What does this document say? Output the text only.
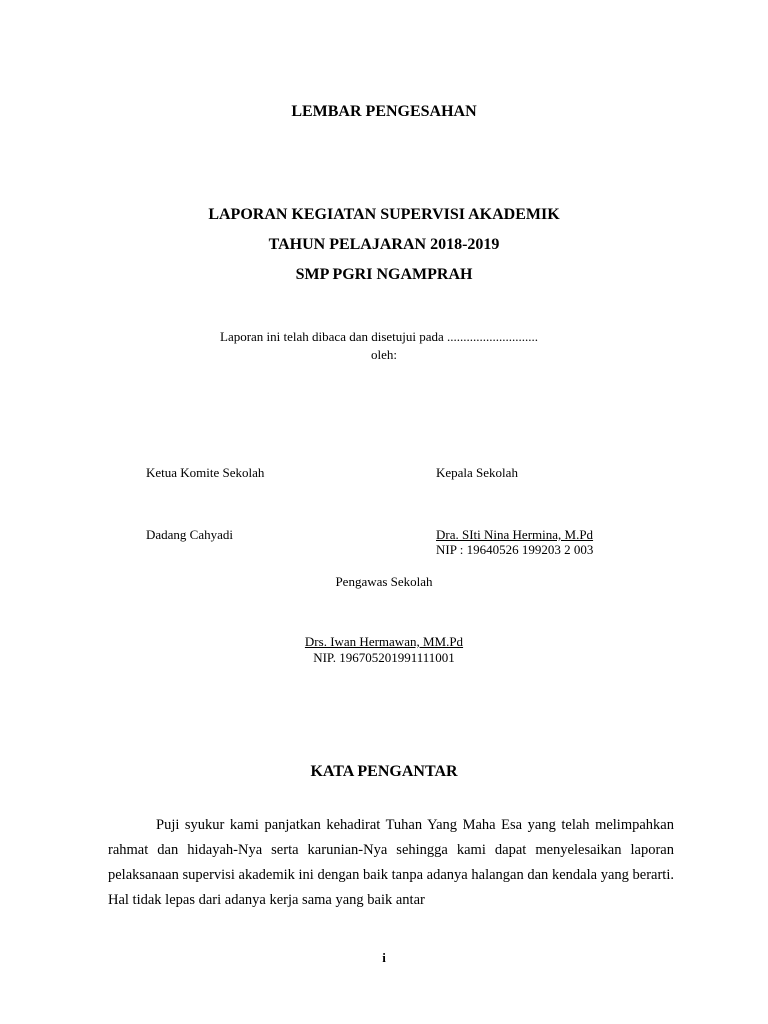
LEMBAR PENGESAHAN
LAPORAN KEGIATAN SUPERVISI AKADEMIK
TAHUN PELAJARAN 2018-2019
SMP PGRI NGAMPRAH
Laporan ini telah dibaca dan disetujui pada ............................
oleh:
Ketua Komite Sekolah
Dadang Cahyadi
Kepala Sekolah
Dra. SIti Nina Hermina, M.Pd
NIP : 19640526 199203 2 003
Pengawas Sekolah
Drs. Iwan Hermawan, MM.Pd
NIP. 196705201991111001
KATA PENGANTAR
Puji syukur kami panjatkan kehadirat Tuhan Yang Maha Esa yang telah melimpahkan rahmat dan hidayah-Nya serta karunian-Nya sehingga kami dapat menyelesaikan laporan pelaksanaan supervisi akademik ini dengan baik tanpa adanya halangan dan kendala yang berarti. Hal tidak lepas dari adanya kerja sama yang baik antar
i
